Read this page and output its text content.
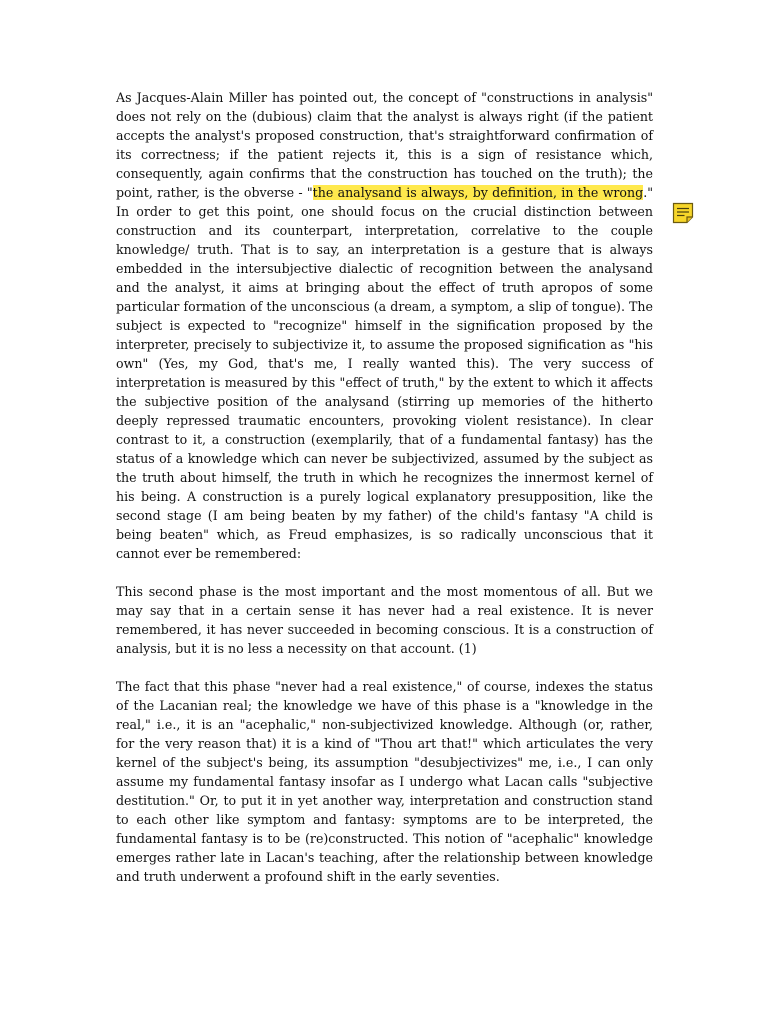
As Jacques-Alain Miller has pointed out, the concept of "constructions in analysis" does not rely on the (dubious) claim that the analyst is always right (if the patient accepts the analyst's proposed construction, that's straightforward confirmation of its correctness; if the patient rejects it, this is a sign of resistance which, consequently, again confirms that the construction has touched on the truth); the point, rather, is the obverse - "the analysand is always, by definition, in the wrong." In order to get this point, one should focus on the crucial distinction between construction and its counterpart, interpretation, correlative to the couple knowledge/ truth. That is to say, an interpretation is a gesture that is always embedded in the intersubjective dialectic of recognition between the analysand and the analyst, it aims at bringing about the effect of truth apropos of some particular formation of the unconscious (a dream, a symptom, a slip of tongue). The subject is expected to "recognize" himself in the signification proposed by the interpreter, precisely to subjectivize it, to assume the proposed signification as "his own" (Yes, my God, that's me, I really wanted this). The very success of interpretation is measured by this "effect of truth," by the extent to which it affects the subjective position of the analysand (stirring up memories of the hitherto deeply repressed traumatic encounters, provoking violent resistance). In clear contrast to it, a construction (exemplarily, that of a fundamental fantasy) has the status of a knowledge which can never be subjectivized, assumed by the subject as the truth about himself, the truth in which he recognizes the innermost kernel of his being. A construction is a purely logical explanatory presupposition, like the second stage (I am being beaten by my father) of the child's fantasy "A child is being beaten" which, as Freud emphasizes, is so radically unconscious that it cannot ever be remembered:

This second phase is the most important and the most momentous of all. But we may say that in a certain sense it has never had a real existence. It is never remembered, it has never succeeded in becoming conscious. It is a construction of analysis, but it is no less a necessity on that account. (1)

The fact that this phase "never had a real existence," of course, indexes the status of the Lacanian real; the knowledge we have of this phase is a "knowledge in the real," i.e., it is an "acephalic," non-subjectivized knowledge. Although (or, rather, for the very reason that) it is a kind of "Thou art that!" which articulates the very kernel of the subject's being, its assumption "desubjectivizes" me, i.e., I can only assume my fundamental fantasy insofar as I undergo what Lacan calls "subjective destitution." Or, to put it in yet another way, interpretation and construction stand to each other like symptom and fantasy: symptoms are to be interpreted, the fundamental fantasy is to be (re)constructed. This notion of "acephalic" knowledge emerges rather late in Lacan's teaching, after the relationship between knowledge and truth underwent a profound shift in the early seventies.
